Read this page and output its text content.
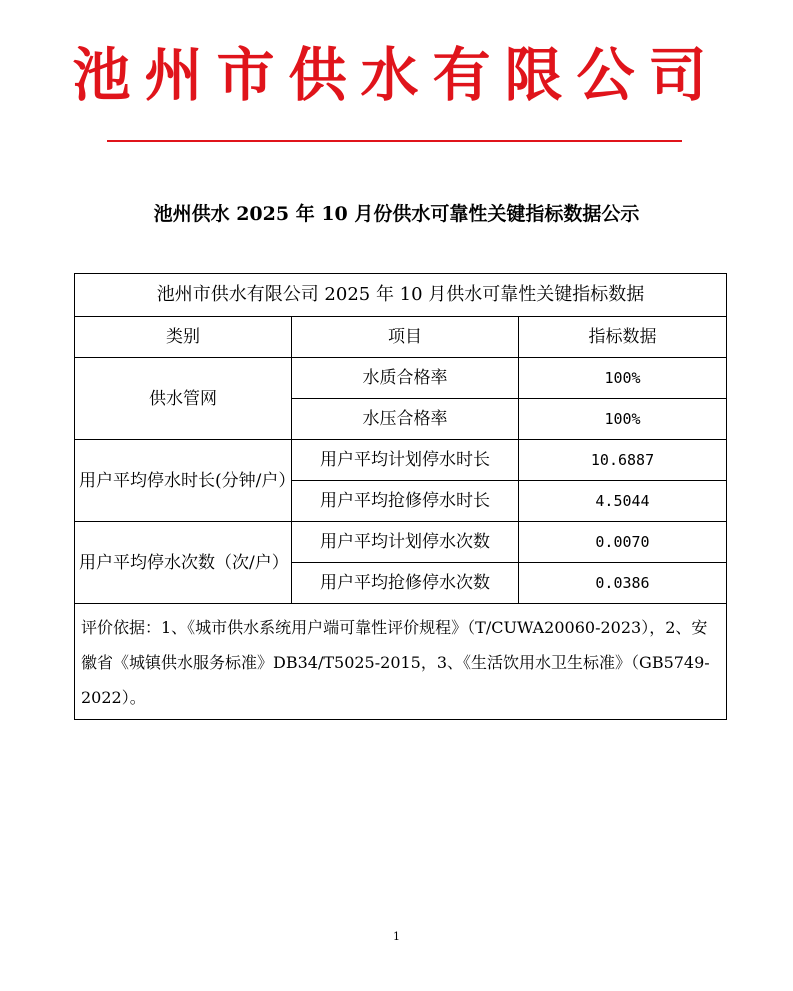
池州市供水有限公司
池州供水 2025 年 10 月份供水可靠性关键指标数据公示
池州市供水有限公司 2025 年 10 月供水可靠性关键指标数据		
类别	项目	指标数据
供水管网	水质合格率	100%
	水压合格率	100%
用户平均停水时长(分钟/户）	用户平均计划停水时长	10.6887
	用户平均抢修停水时长	4.5044
用户平均停水次数（次/户）	用户平均计划停水次数	0.0070
	用户平均抢修停水次数	0.0386
评价依据：1、《城市供水系统用户端可靠性评价规程》（T/CUWA20060-2023），2、安徽省《城镇供水服务标准》DB34/T5025-2015，3、《生活饮用水卫生标准》（GB5749-2022）。		
1
